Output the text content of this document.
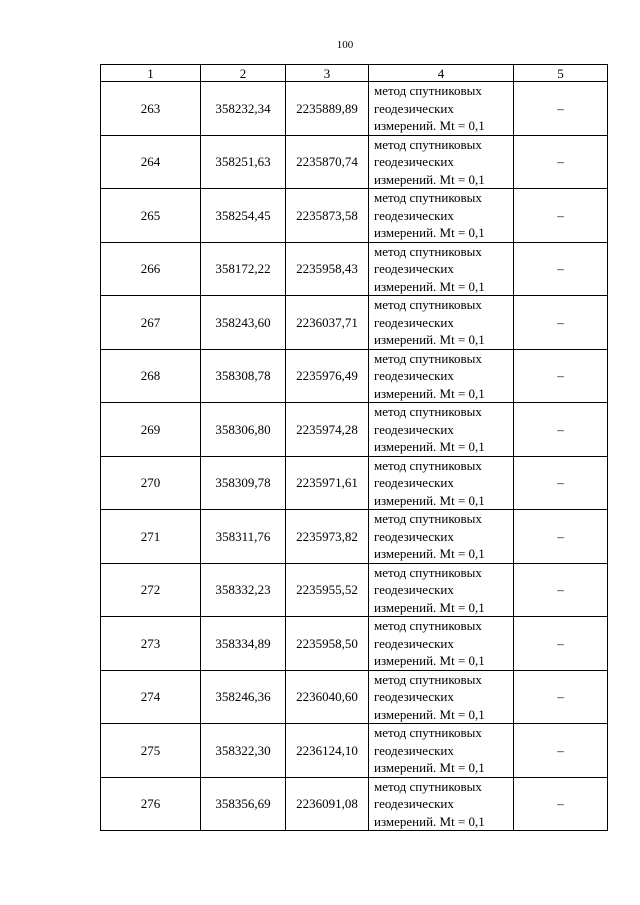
100
1	2	3	4	5
263	358232,34	2235889,89	метод спутниковых
геодезических
измерений. Mt = 0,1	–
264	358251,63	2235870,74	метод спутниковых
геодезических
измерений. Mt = 0,1	–
265	358254,45	2235873,58	метод спутниковых
геодезических
измерений. Mt = 0,1	–
266	358172,22	2235958,43	метод спутниковых
геодезических
измерений. Mt = 0,1	–
267	358243,60	2236037,71	метод спутниковых
геодезических
измерений. Mt = 0,1	–
268	358308,78	2235976,49	метод спутниковых
геодезических
измерений. Mt = 0,1	–
269	358306,80	2235974,28	метод спутниковых
геодезических
измерений. Mt = 0,1	–
270	358309,78	2235971,61	метод спутниковых
геодезических
измерений. Mt = 0,1	–
271	358311,76	2235973,82	метод спутниковых
геодезических
измерений. Mt = 0,1	–
272	358332,23	2235955,52	метод спутниковых
геодезических
измерений. Mt = 0,1	–
273	358334,89	2235958,50	метод спутниковых
геодезических
измерений. Mt = 0,1	–
274	358246,36	2236040,60	метод спутниковых
геодезических
измерений. Mt = 0,1	–
275	358322,30	2236124,10	метод спутниковых
геодезических
измерений. Mt = 0,1	–
276	358356,69	2236091,08	метод спутниковых
геодезических
измерений. Mt = 0,1	–
